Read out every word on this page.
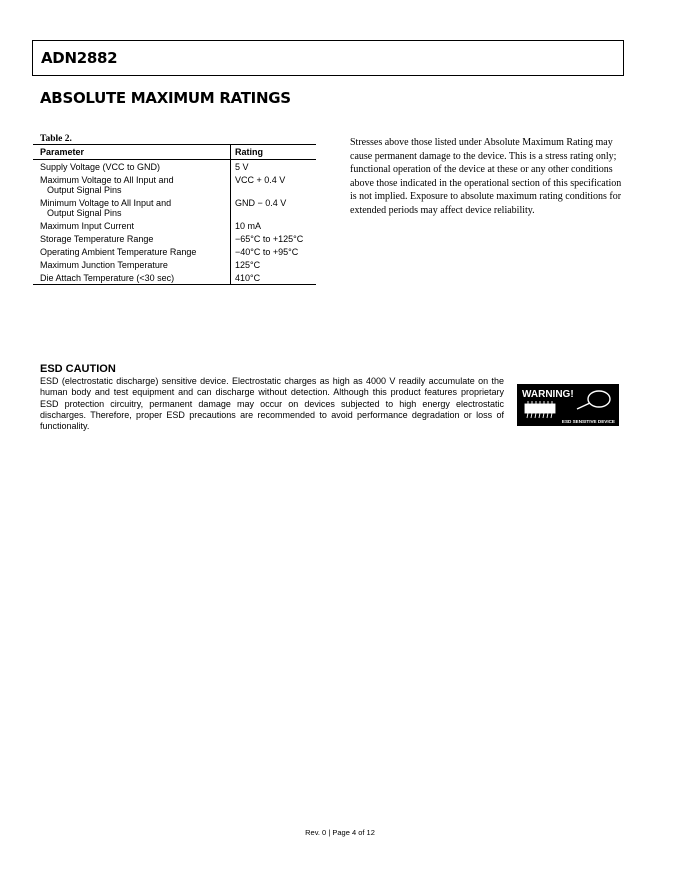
ADN2882
ABSOLUTE MAXIMUM RATINGS
Table 2.
Parameter	Rating
Supply Voltage (VCC to GND)	5 V
Maximum Voltage to All Input and
Output Signal Pins	VCC + 0.4 V
Minimum Voltage to All Input and
Output Signal Pins	GND − 0.4 V
Maximum Input Current	10 mA
Storage Temperature Range	−65°C to +125°C
Operating Ambient Temperature Range	−40°C to +95°C
Maximum Junction Temperature	125°C
Die Attach Temperature (<30 sec)	410°C
Stresses above those listed under Absolute Maximum Rating may cause permanent damage to the device. This is a stress rating only; functional operation of the device at these or any other conditions above those indicated in the operational section of this specification is not implied. Exposure to absolute maximum rating conditions for extended periods may affect device reliability.
ESD CAUTION
ESD (electrostatic discharge) sensitive device. Electrostatic charges as high as 4000 V readily accumulate on the human body and test equipment and can discharge without detection. Although this product features proprietary ESD protection circuitry, permanent damage may occur on devices subjected to high energy electrostatic discharges. Therefore, proper ESD precautions are recommended to avoid performance degradation or loss of functionality.
WARNING!
ESD SENSITIVE DEVICE
Rev. 0 | Page 4 of 12
